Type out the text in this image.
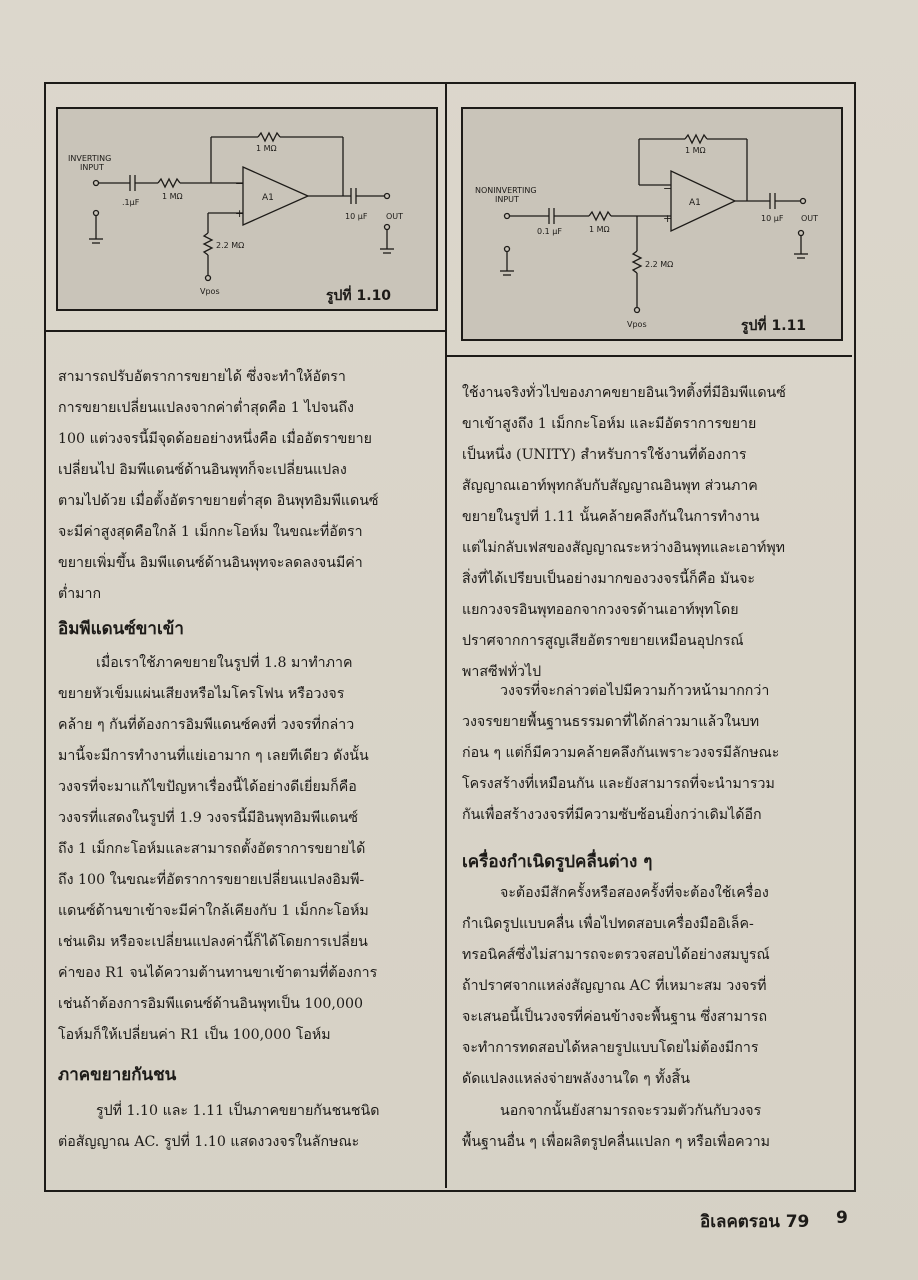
INVERTING
INPUT
.1µF
1 MΩ
1 MΩ
−
+
A1
10 µF OUT
2.2 MΩ
Vpos	รูปที่ 1.10
NONINVERTING
INPUT
0.1 µF	1 MΩ
−
+
A1
1 MΩ
10 µF OUT
2.2 MΩ
Vpos	รูปที่ 1.11
สามารถปรับอัตราการขยายได้ ซึ่งจะทำให้อัตรา
การขยายเปลี่ยนแปลงจากค่าต่ำสุดคือ 1 ไปจนถึง
100 แต่วงจรนี้มีจุดด้อยอย่างหนึ่งคือ เมื่ออัตราขยาย
เปลี่ยนไป อิมพีแดนซ์ด้านอินพุทก็จะเปลี่ยนแปลง
ตามไปด้วย เมื่อตั้งอัตราขยายต่ำสุด อินพุทอิมพีแดนซ์
จะมีค่าสูงสุดคือใกล้ 1 เม็กกะโอห์ม ในขณะที่อัตรา
ขยายเพิ่มขึ้น อิมพีแดนซ์ด้านอินพุทจะลดลงจนมีค่า
ต่ำมาก
อิมพีแดนซ์ขาเข้า
เมื่อเราใช้ภาคขยายในรูปที่ 1.8 มาทำภาค
ขยายหัวเข็มแผ่นเสียงหรือไมโครโฟน หรือวงจร
คล้าย ๆ กันที่ต้องการอิมพีแดนซ์คงที่ วงจรที่กล่าว
มานี้จะมีการทำงานที่แย่เอามาก ๆ เลยทีเดียว ดังนั้น
วงจรที่จะมาแก้ไขปัญหาเรื่องนี้ได้อย่างดีเยี่ยมก็คือ
วงจรที่แสดงในรูปที่ 1.9 วงจรนี้มีอินพุทอิมพีแดนซ์
ถึง 1 เม็กกะโอห์มและสามารถตั้งอัตราการขยายได้
ถึง 100 ในขณะที่อัตราการขยายเปลี่ยนแปลงอิมพี-
แดนซ์ด้านขาเข้าจะมีค่าใกล้เคียงกับ 1 เม็กกะโอห์ม
เช่นเดิม หรือจะเปลี่ยนแปลงค่านี้ก็ได้โดยการเปลี่ยน
ค่าของ R1 จนได้ความต้านทานขาเข้าตามที่ต้องการ
เช่นถ้าต้องการอิมพีแดนซ์ด้านอินพุทเป็น 100,000
โอห์มก็ให้เปลี่ยนค่า R1 เป็น 100,000 โอห์ม
ภาคขยายกันชน
รูปที่ 1.10 และ 1.11 เป็นภาคขยายกันชนชนิด
ต่อสัญญาณ AC. รูปที่ 1.10 แสดงวงจรในลักษณะ
ใช้งานจริงทั่วไปของภาคขยายอินเวิทติ้งที่มีอิมพีแดนซ์
ขาเข้าสูงถึง 1 เม็กกะโอห์ม และมีอัตราการขยาย
เป็นหนึ่ง (UNITY) สำหรับการใช้งานที่ต้องการ
สัญญาณเอาท์พุทกลับกับสัญญาณอินพุท ส่วนภาค
ขยายในรูปที่ 1.11 นั้นคล้ายคลึงกันในการทำงาน
แต่ไม่กลับเฟสของสัญญาณระหว่างอินพุทและเอาท์พุท
สิ่งที่ได้เปรียบเป็นอย่างมากของวงจรนี้ก็คือ มันจะ
แยกวงจรอินพุทออกจากวงจรด้านเอาท์พุทโดย
ปราศจากการสูญเสียอัตราขยายเหมือนอุปกรณ์
พาสซีฟทั่วไป
วงจรที่จะกล่าวต่อไปมีความก้าวหน้ามากกว่า
วงจรขยายพื้นฐานธรรมดาที่ได้กล่าวมาแล้วในบท
ก่อน ๆ แต่ก็มีความคล้ายคลึงกันเพราะวงจรมีลักษณะ
โครงสร้างที่เหมือนกัน และยังสามารถที่จะนำมารวม
กันเพื่อสร้างวงจรที่มีความซับซ้อนยิ่งกว่าเดิมได้อีก
เครื่องกำเนิดรูปคลื่นต่าง ๆ
จะต้องมีสักครั้งหรือสองครั้งที่จะต้องใช้เครื่อง
กำเนิดรูปแบบคลื่น เพื่อไปทดสอบเครื่องมืออิเล็ค-
ทรอนิคส์ซึ่งไม่สามารถจะตรวจสอบได้อย่างสมบูรณ์
ถ้าปราศจากแหล่งสัญญาณ AC ที่เหมาะสม วงจรที่
จะเสนอนี้เป็นวงจรที่ค่อนข้างจะพื้นฐาน ซึ่งสามารถ
จะทำการทดสอบได้หลายรูปแบบโดยไม่ต้องมีการ
ดัดแปลงแหล่งจ่ายพลังงานใด ๆ ทั้งสิ้น
นอกจากนั้นยังสามารถจะรวมตัวกันกับวงจร
พื้นฐานอื่น ๆ เพื่อผลิตรูปคลื่นแปลก ๆ หรือเพื่อความ
อิเลคตรอน 79 9
